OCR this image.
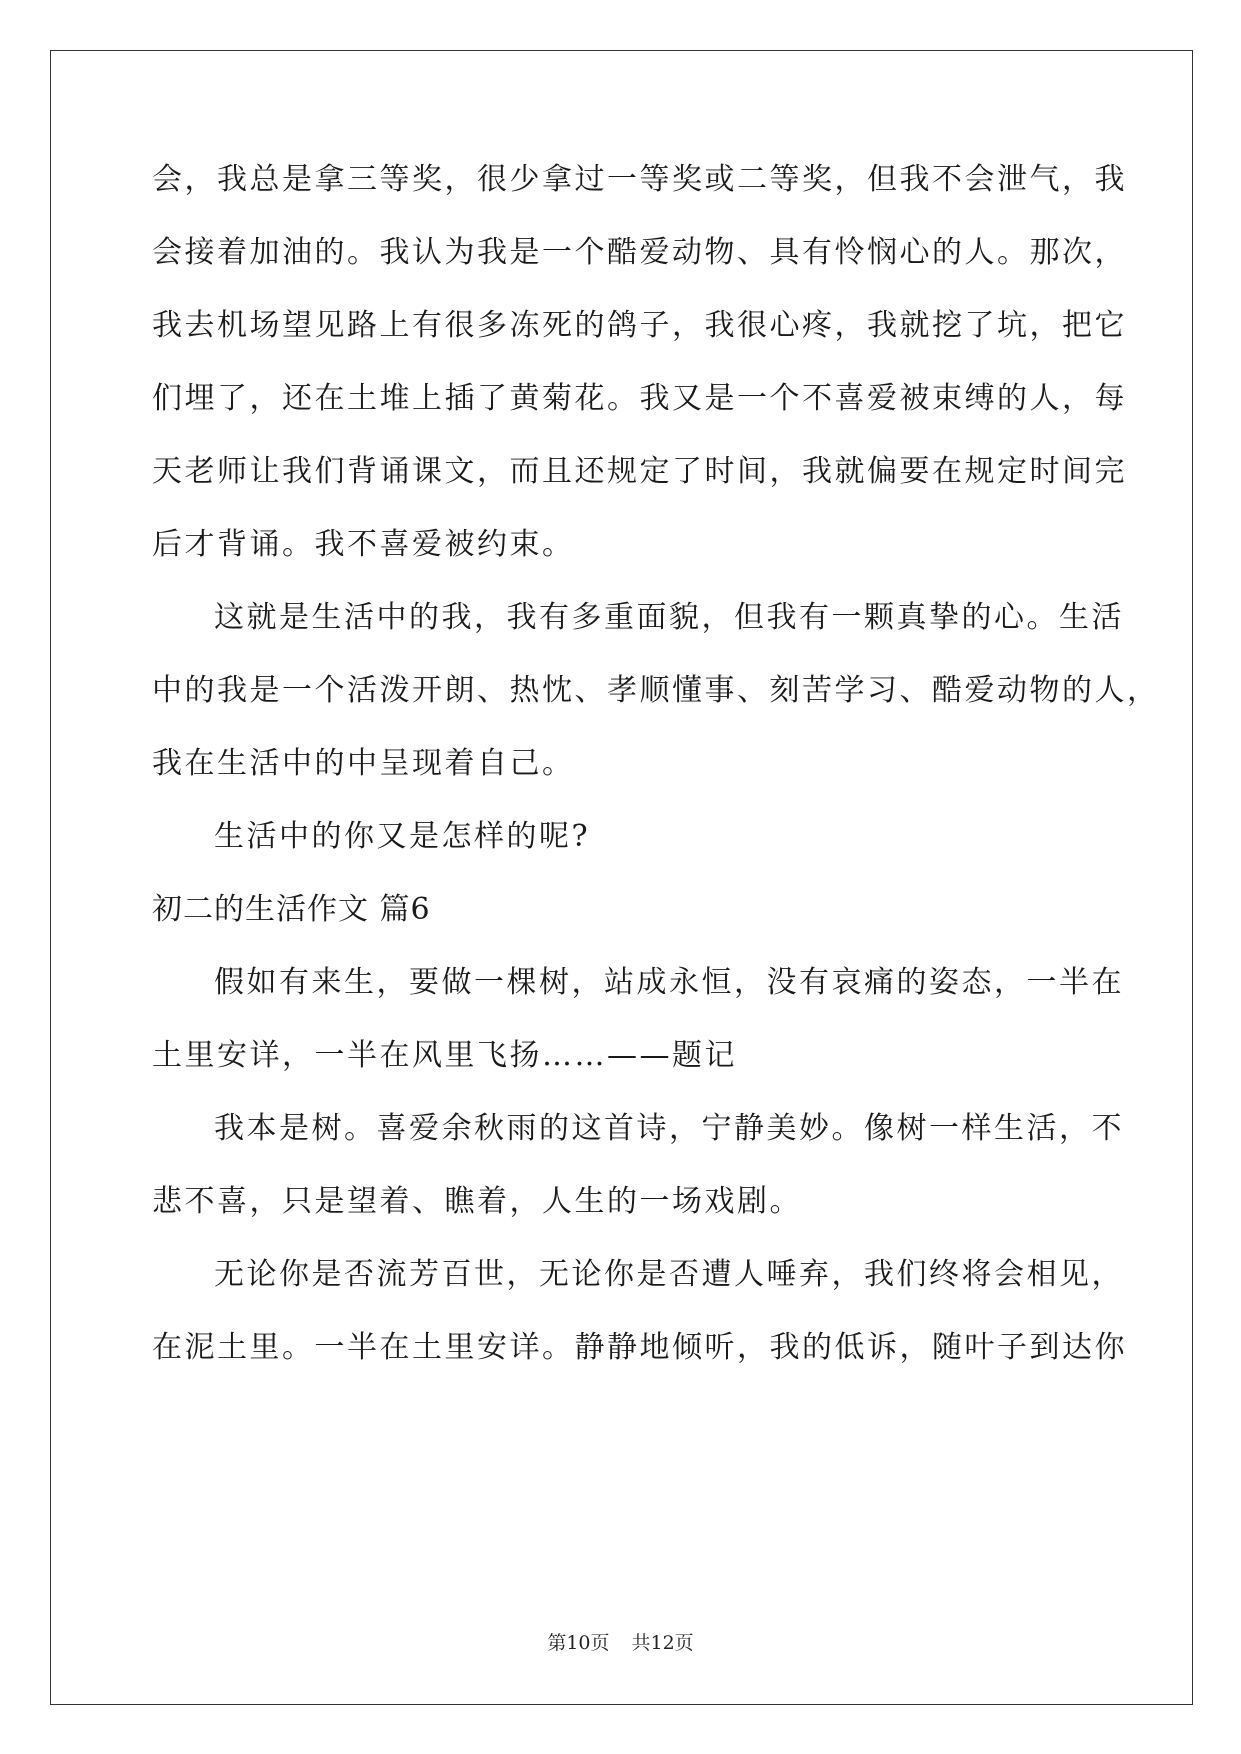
会，我总是拿三等奖，很少拿过一等奖或二等奖，但我不会泄气，我
会接着加油的。我认为我是一个酷爱动物、具有怜悯心的人。那次，
我去机场望见路上有很多冻死的鸽子，我很心疼，我就挖了坑，把它
们埋了，还在土堆上插了黄菊花。我又是一个不喜爱被束缚的人，每
天老师让我们背诵课文，而且还规定了时间，我就偏要在规定时间完
后才背诵。我不喜爱被约束。
这就是生活中的我，我有多重面貌，但我有一颗真挚的心。生活
中的我是一个活泼开朗、热忱、孝顺懂事、刻苦学习、酷爱动物的人，
我在生活中的中呈现着自己。
生活中的你又是怎样的呢?
初二的生活作文 篇6
假如有来生，要做一棵树，站成永恒，没有哀痛的姿态，一半在
土里安详，一半在风里飞扬……——题记
我本是树。喜爱余秋雨的这首诗，宁静美妙。像树一样生活，不
悲不喜，只是望着、瞧着，人生的一场戏剧。
无论你是否流芳百世，无论你是否遭人唾弃，我们终将会相见，
在泥土里。一半在土里安详。静静地倾听，我的低诉，随叶子到达你
第10页 共12页
